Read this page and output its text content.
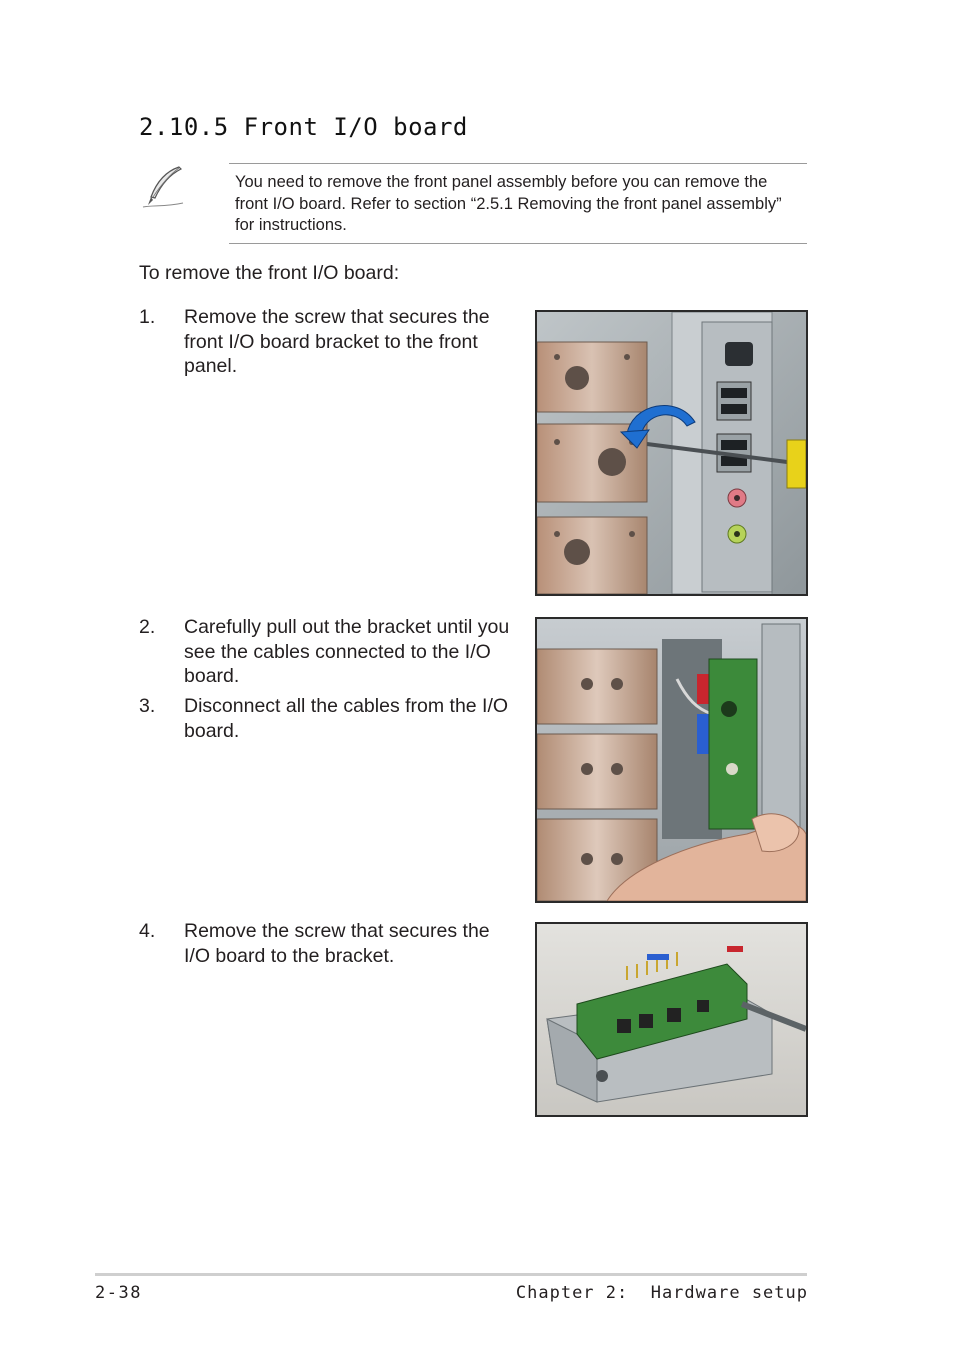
2.10.5 Front I/O board
You need to remove the front panel assembly before you can remove the front I/O board. Refer to section “2.5.1 Removing the front panel assembly” for instructions.
To remove the front I/O board:
1.	Remove the screw that secures the front I/O board bracket to the front panel.
2.	Carefully pull out the bracket until you see the cables connected to the I/O board.
3.	Disconnect all the cables from the I/O board.
4.	Remove the screw that secures the I/O board to the bracket.
2-38	Chapter 2:  Hardware setup
